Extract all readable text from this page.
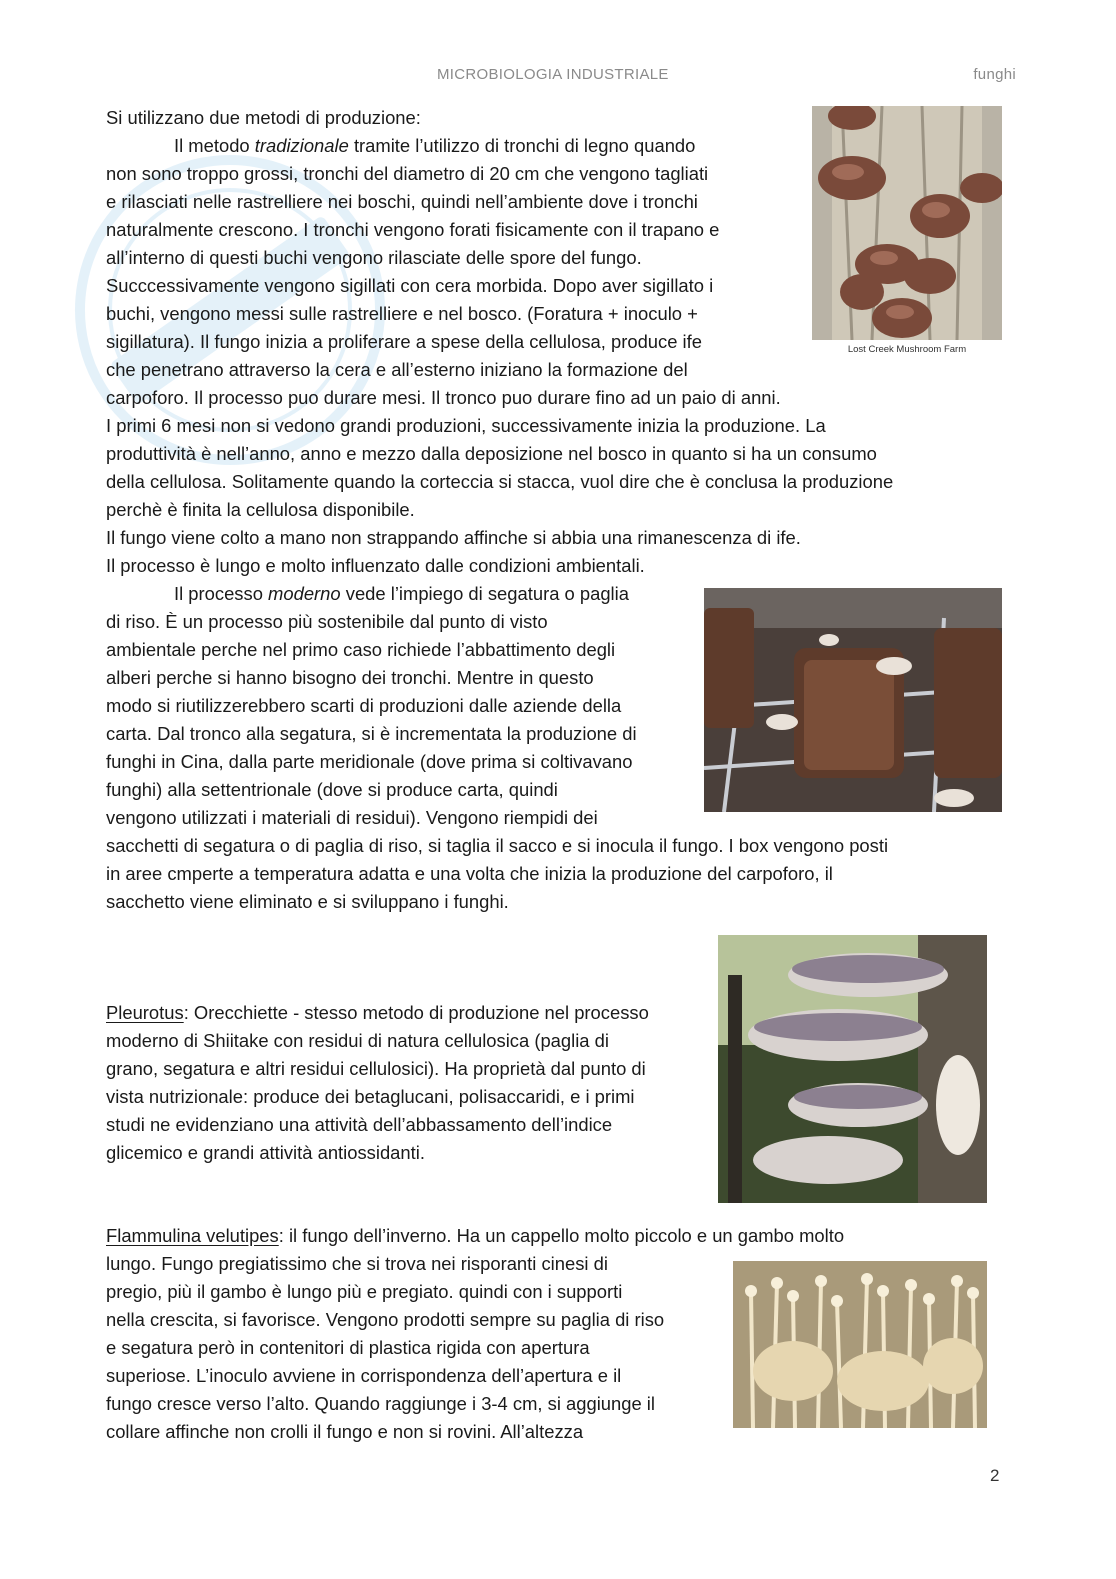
MICROBIOLOGIA INDUSTRIALE	funghi
Si utilizzano due metodi di produzione:
Il metodo tradizionale tramite l’utilizzo di tronchi di legno quando
non sono troppo grossi, tronchi del diametro di 20 cm che vengono tagliati
e rilasciati nelle rastrelliere nei boschi, quindi nell’ambiente dove i tronchi
naturalmente crescono. I tronchi vengono forati fisicamente con il trapano e
all’interno di questi buchi vengono rilasciate delle spore del fungo.
Succcessivamente vengono sigillati con cera morbida. Dopo aver sigillato i
buchi, vengono messi sulle rastrelliere e nel bosco. (Foratura + inoculo +
sigillatura). Il fungo inizia a proliferare a spese della cellulosa, produce ife
che penetrano attraverso la cera e all’esterno iniziano la formazione del
carpoforo. Il processo puo durare mesi. Il tronco puo durare fino ad un paio di anni.
I primi 6 mesi non si vedono grandi produzioni, successivamente inizia la produzione. La
produttività è nell’anno, anno e mezzo dalla deposizione nel bosco in quanto si ha un consumo
della cellulosa. Solitamente quando la corteccia si stacca, vuol dire che è conclusa la produzione
perchè è finita la cellulosa disponibile.
Il fungo viene colto a mano non strappando affinche si abbia una rimanescenza di ife.
Il processo è lungo e molto influenzato dalle condizioni ambientali.
Il processo moderno vede l’impiego di segatura o paglia
di riso. È un processo più sostenibile dal punto di visto
ambientale perche nel primo caso richiede l’abbattimento degli
alberi perche si hanno bisogno dei tronchi. Mentre in questo
modo si riutilizzerebbero scarti di produzioni dalle aziende della
carta. Dal tronco alla segatura, si è incrementata la produzione di
funghi in Cina, dalla parte meridionale (dove prima si coltivavano
funghi) alla settentrionale (dove si produce carta, quindi
vengono utilizzati i materiali di residui). Vengono riempidi dei
sacchetti di segatura o di paglia di riso, si taglia il sacco e si inocula il fungo. I box vengono posti
in aree cmperte a temperatura adatta e una volta che inizia la produzione del carpoforo, il
sacchetto viene eliminato e si sviluppano i funghi.
Pleurotus: Orecchiette - stesso metodo di produzione nel processo
moderno di Shiitake con residui di natura cellulosica (paglia di
grano, segatura e altri residui cellulosici). Ha proprietà dal punto di
vista nutrizionale: produce dei betaglucani, polisaccaridi, e i primi
studi ne evidenziano una attività dell’abbassamento dell’indice
glicemico e grandi attività antiossidanti.
Flammulina velutipes: il fungo dell’inverno. Ha un cappello molto piccolo e un gambo molto
lungo. Fungo pregiatissimo che si trova nei risporanti cinesi di
pregio, più il gambo è lungo più e pregiato. quindi con i supporti
nella crescita, si favorisce. Vengono prodotti sempre su paglia di riso
e segatura però in contenitori di plastica rigida con apertura
superiose. L’inoculo avviene in corrispondenza dell’apertura e il
fungo cresce verso l’alto. Quando raggiunge i 3-4 cm, si aggiunge il
collare affinche non crolli il fungo e non si rovini. All’altezza
Lost Creek Mushroom Farm
2
